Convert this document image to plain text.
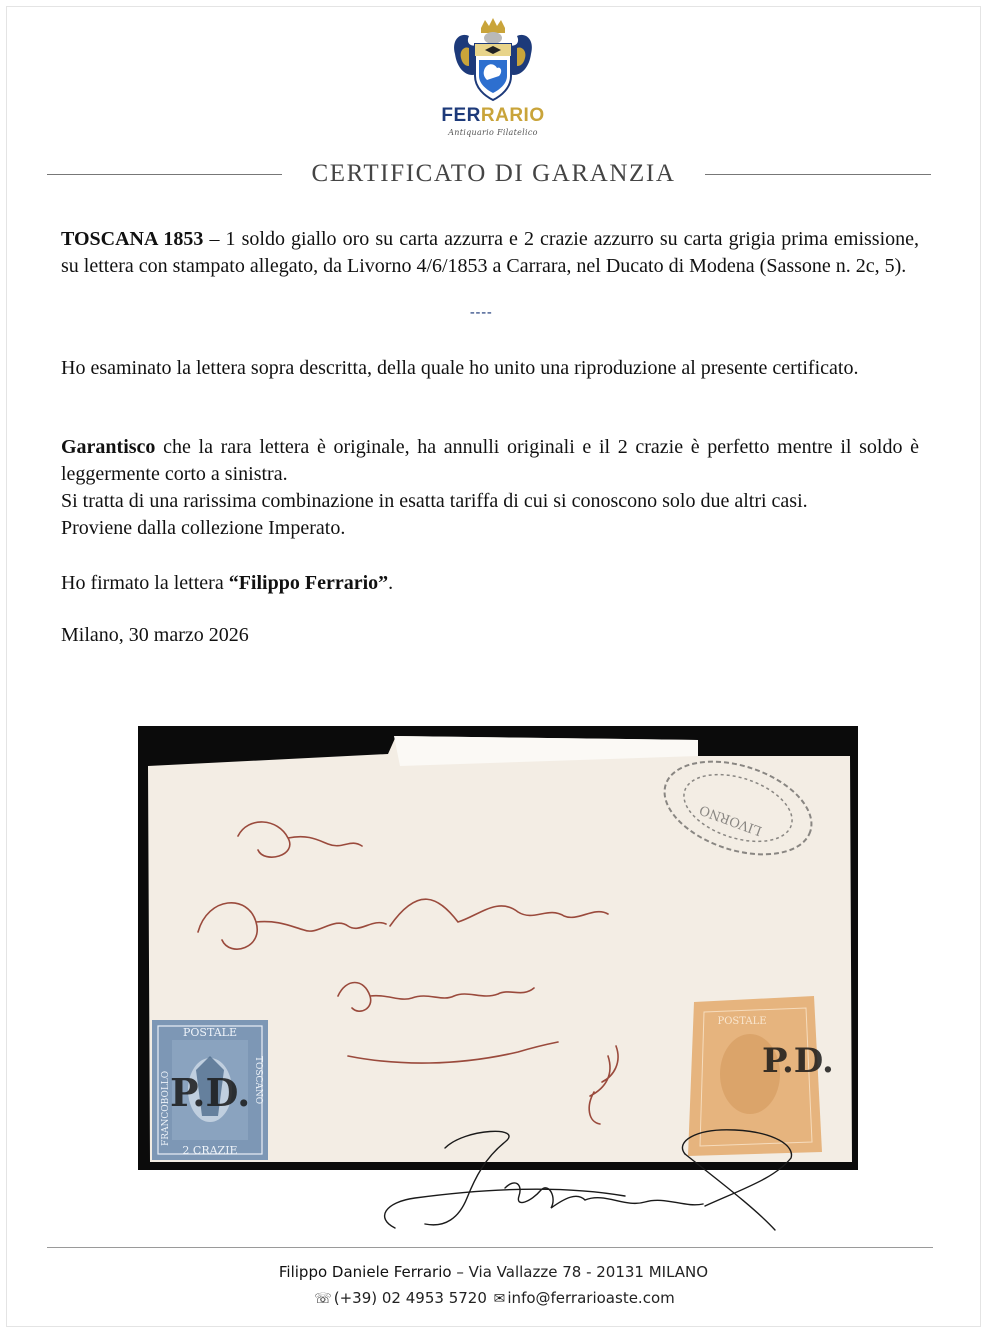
FERRARIO
Antiquario Filatelico
CERTIFICATO DI GARANZIA
TOSCANA 1853 – 1 soldo giallo oro su carta azzurra e 2 crazie azzurro su carta grigia prima emissione, su lettera con stampato allegato, da Livorno 4/6/1853 a Carrara, nel Ducato di Modena (Sassone n. 2c, 5).
----
Ho esaminato la lettera sopra descritta, della quale ho unito una riproduzione al presente certificato.
Garantisco che la rara lettera è originale, ha annulli originali e il 2 crazie è perfetto mentre il soldo è leggermente corto a sinistra.
Si tratta di una rarissima combinazione in esatta tariffa di cui si conoscono solo due altri casi.
Proviene dalla collezione Imperato.
Ho firmato la lettera “Filippo Ferrario”.
Milano, 30 marzo 2026
LIVORNO
POSTALE
2 CRAZIE
FRANCOBOLLO	TOSCANO
P.D.
POSTALE
P.D.
Filippo Daniele Ferrario – Via Vallazze 78 - 20131 MILANO
☏ (+39) 02 4953 5720 ✉ info@ferrarioaste.com
